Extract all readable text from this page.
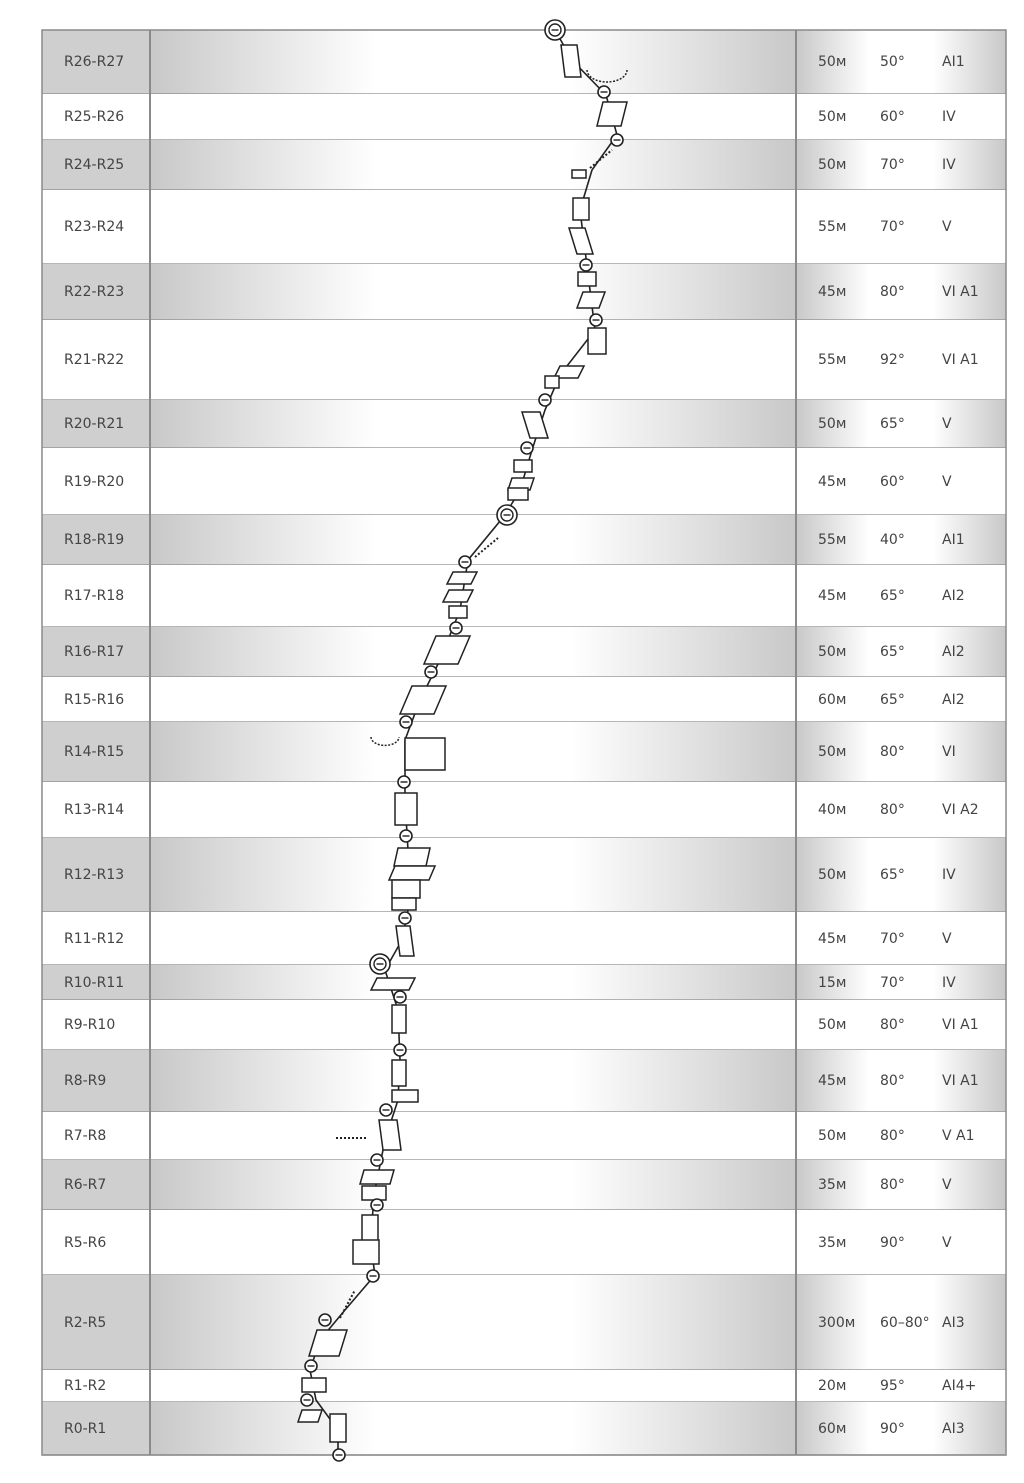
R26-R27	50м 50°	AI1
R25-R26	50м 60°	IV
R24-R25	50м 70°	IV
R23-R24	55м 70°	V
R22-R23	45м 80°	VI A1
R21-R22	55м 92°	VI A1
R20-R21	50м 65°	V
R19-R20	45м 60°	V
R18-R19	55м 40°	AI1
R17-R18	45м 65°	AI2
R16-R17	50м 65°	AI2
R15-R16	60м 65°	AI2
R14-R15	50м 80°	VI
R13-R14	40м 80°	VI A2
R12-R13	50м 65°	IV
R11-R12	45м 70°	V
R10-R11	15м 70°	IV
R9-R10	50м 80°	VI A1
R8-R9	45м 80°	VI A1
R7-R8	50м 80°	V A1
R6-R7	35м 80°	V
R5-R6	35м 90°	V
R2-R5	300м 60–80° AI3
R1-R2	20м 95°	AI4+
R0-R1	60м 90°	AI3
